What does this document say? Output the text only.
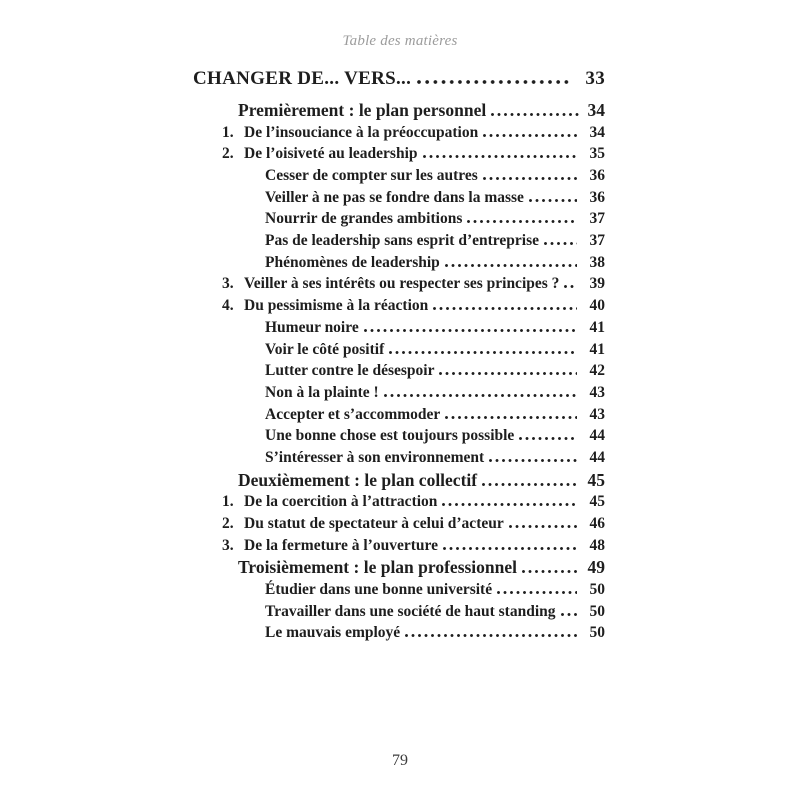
Table des matières
CHANGER DE... VERS...	33
Premièrement : le plan personnel	34
1. De l’insouciance à la préoccupation	34
2. De l’oisiveté au leadership	35
Cesser de compter sur les autres	36
Veiller à ne pas se fondre dans la masse	36
Nourrir de grandes ambitions	37
Pas de leadership sans esprit d’entreprise	37
Phénomènes de leadership	38
3. Veiller à ses intérêts ou respecter ses principes ?	39
4. Du pessimisme à la réaction	40
Humeur noire	41
Voir le côté positif	41
Lutter contre le désespoir	42
Non à la plainte !	43
Accepter et s’accommoder	43
Une bonne chose est toujours possible	44
S’intéresser à son environnement	44
Deuxièmement : le plan collectif	45
1. De la coercition à l’attraction	45
2. Du statut de spectateur à celui d’acteur	46
3. De la fermeture à l’ouverture	48
Troisièmement : le plan professionnel	49
Étudier dans une bonne université	50
Travailler dans une société de haut standing	50
Le mauvais employé	50
79
